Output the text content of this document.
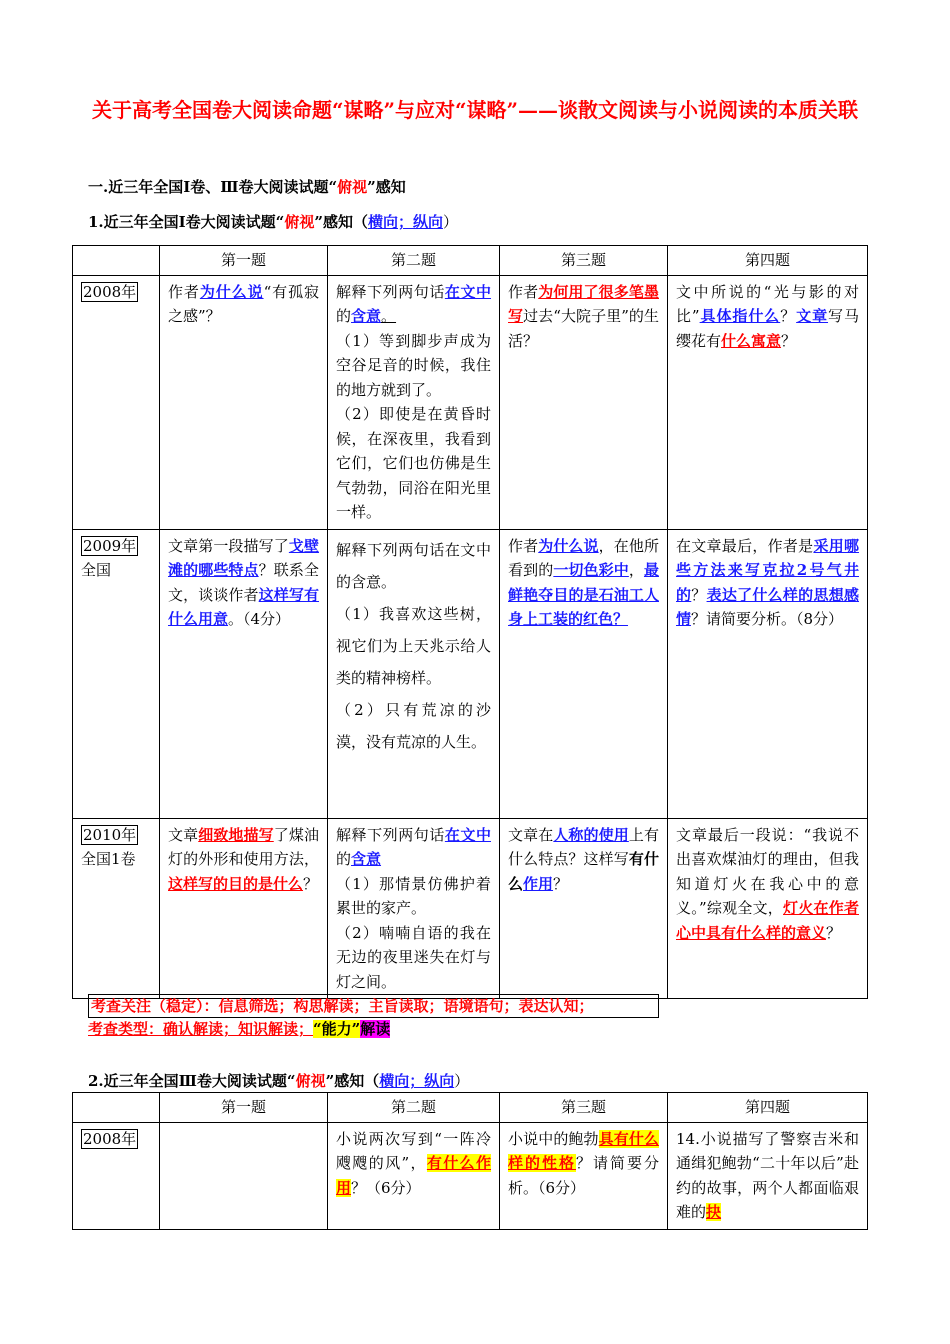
关于高考全国卷大阅读命题“谋略”与应对“谋略”——谈散文阅读与小说阅读的本质关联
一.近三年全国Ⅰ卷、Ⅲ卷大阅读试题“俯视”感知
1.近三年全国Ⅰ卷大阅读试题“俯视”感知（横向；纵向）
	第一题	第二题	第三题	第四题
2008年	作者为什么说“有孤寂之感”？	解释下列两句话在文中的含意。
（1）等到脚步声成为空谷足音的时候，我住的地方就到了。
（2）即使是在黄昏时候，在深夜里，我看到它们，它们也仿佛是生气勃勃，同浴在阳光里一样。	作者为何用了很多笔墨写过去“大院子里”的生活？	文中所说的“光与影的对比”具体指什么？文章写马缨花有什么寓意？
2009年
全国	文章第一段描写了戈壁滩的哪些特点？联系全文，谈谈作者这样写有什么用意。（4分）	解释下列两句话在文中的含意。
（1）我喜欢这些树，视它们为上天兆示给人类的精神榜样。
（2）只有荒凉的沙漠，没有荒凉的人生。	作者为什么说，在他所看到的一切色彩中，最鲜艳夺目的是石油工人身上工装的红色？	在文章最后，作者是采用哪些方法来写克拉2号气井的？表达了什么样的思想感情？请简要分析。（8分）
2010年
全国1卷	文章细致地描写了煤油灯的外形和使用方法，这样写的目的是什么？	解释下列两句话在文中的含意
（1）那情景仿佛护着累世的家产。
（2）喃喃自语的我在无边的夜里迷失在灯与灯之间。	文章在人称的使用上有什么特点？这样写有什么作用？	文章最后一段说：“我说不出喜欢煤油灯的理由，但我知道灯火在我心中的意义。”综观全文，灯火在作者心中具有什么样的意义？
考查关注（稳定）：信息筛选；构思解读；主旨读取；语境语句；表达认知；
考查类型：确认解读；知识解读；“能力”解读
2.近三年全国Ⅲ卷大阅读试题“俯视”感知（横向；纵向）
	第一题	第二题	第三题	第四题
2008年		小说两次写到“一阵冷飕飕的风”，有什么作用？（6分）	小说中的鲍勃具有什么样的性格？请简要分析。（6分）	14.小说描写了警察吉米和通缉犯鲍勃“二十年以后”赴约的故事，两个人都面临艰难的抉
